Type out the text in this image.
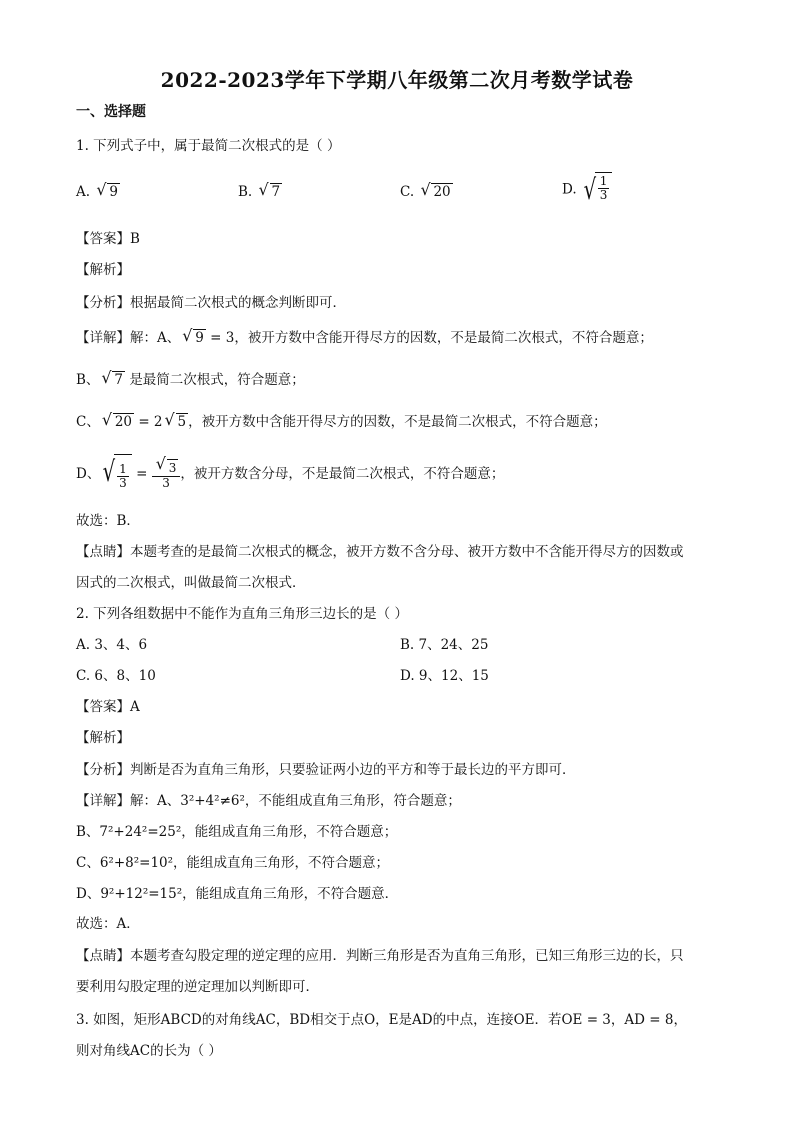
2022-2023学年下学期八年级第二次月考数学试卷
一、选择题
1. 下列式子中，属于最简二次根式的是（ ）
A. √ 9	B. √ 7	C. √ 20	D. √ $\frac{1}{3}$
【答案】B
【解析】
【分析】根据最简二次根式的概念判断即可．
【详解】解：A、 √ 9 = 3，被开方数中含能开得尽方的因数，不是最简二次根式，不符合题意；
B、 √ 7 是最简二次根式，符合题意；
C、 √ 20 = 2 √ 5 ，被开方数中含能开得尽方的因数，不是最简二次根式，不符合题意；
D、 √ $\frac{1}{3}$ = √ $\frac{3}{3}$ ，被开方数含分母，不是最简二次根式，不符合题意；
故选：B．
【点睛】本题考查的是最简二次根式的概念，被开方数不含分母、被开方数中不含能开得尽方的因数或
因式的二次根式，叫做最简二次根式．
2. 下列各组数据中不能作为直角三角形三边长的是（ ）
A. 3、4、6	B. 7、24、25
C. 6、8、10	D. 9、12、15
【答案】A
【解析】
【分析】判断是否为直角三角形，只要验证两小边的平方和等于最长边的平方即可．
【详解】解：A、3²+4²≠6²，不能组成直角三角形，符合题意；
B、7²+24²=25²，能组成直角三角形，不符合题意；
C、6²+8²=10²，能组成直角三角形，不符合题意；
D、9²+12²=15²，能组成直角三角形，不符合题意．
故选：A．
【点睛】本题考查勾股定理的逆定理的应用．判断三角形是否为直角三角形，已知三角形三边的长，只
要利用勾股定理的逆定理加以判断即可．
3. 如图，矩形ABCD的对角线AC，BD相交于点O，E是AD的中点，连接OE．若OE = 3，AD = 8，
则对角线AC的长为（ ）
